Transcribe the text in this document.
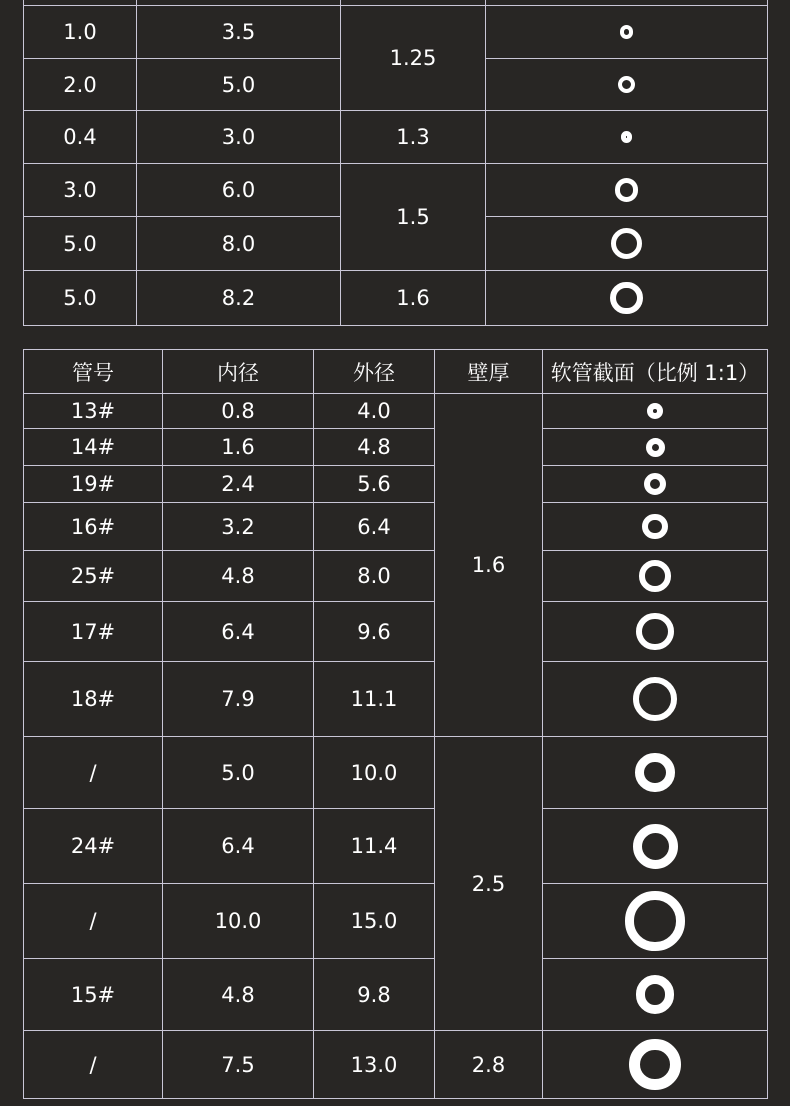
1.0	3.5	1.25	
2.0	5.0		
0.4	3.0	1.3	
3.0	6.0	1.5	
5.0	8.0		
5.0	8.2	1.6	
管号	内径	外径	壁厚	软管截面（比例 1:1）
13#	0.8	4.0	1.6	
14#	1.6	4.8		
19#	2.4	5.6		
16#	3.2	6.4		
25#	4.8	8.0		
17#	6.4	9.6		
18#	7.9	11.1		
/	5.0	10.0	2.5	
24#	6.4	11.4		
/	10.0	15.0		
15#	4.8	9.8		
/	7.5	13.0	2.8	
